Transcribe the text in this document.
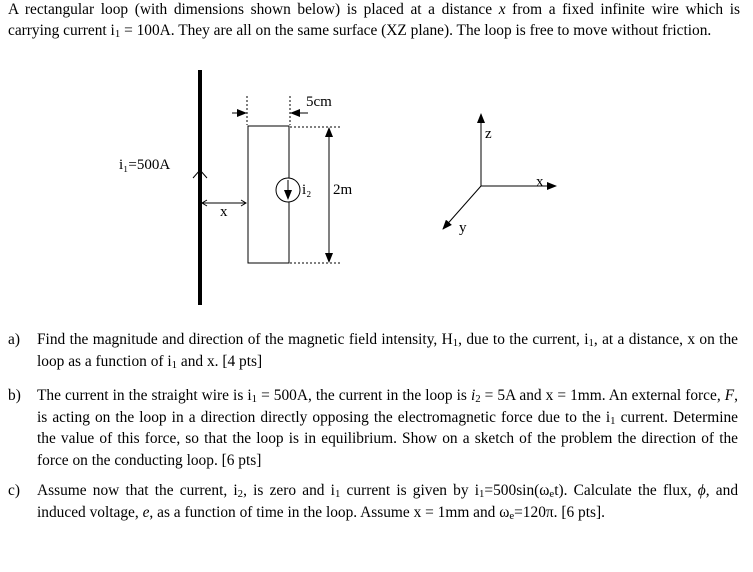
A rectangular loop (with dimensions shown below) is placed at a distance x from a fixed infinite wire which is carrying current $i_1 = 100A$. They are all on the same surface (XZ plane). The loop is free to move without friction.

i₁=500A
x
5cm
2m
i₂
z
x
y

a) Find the magnitude and direction of the magnetic field intensity, $H_1$, due to the current, $i_1$, at a distance, x on the loop as a function of $i_1$ and x. [4 pts]

b) The current in the straight wire is $i_1 = 500A$, the current in the loop is $i_2 = 5A$ and x = 1mm. An external force, F, is acting on the loop in a direction directly opposing the electromagnetic force due to the $i_1$ current. Determine the value of this force, so that the loop is in equilibrium. Show on a sketch of the problem the direction of the force on the conducting loop. [6 pts]

c) Assume now that the current, $i_2$, is zero and $i_1$ current is given by $i_1=500\sin(\omega_et)$. Calculate the flux, ϕ, and induced voltage, e, as a function of time in the loop. Assume x = 1mm and $\omega_e=120\pi$. [6 pts].
